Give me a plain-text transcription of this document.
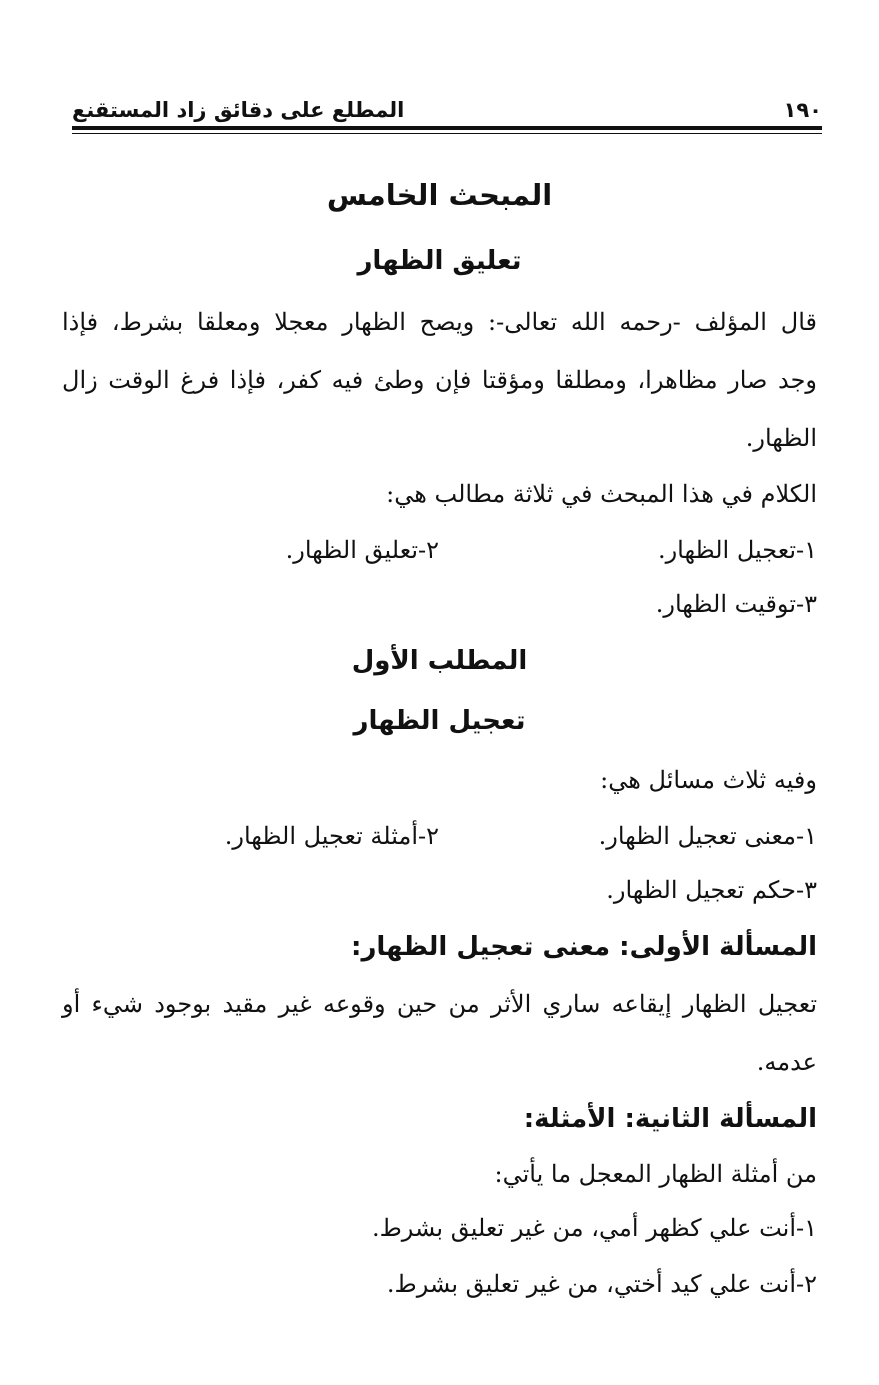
١٩٠
المطلع على دقائق زاد المستقنع
المبحث الخامس
تعليق الظهار
قال المؤلف -رحمه الله تعالى-: ويصح الظهار معجلا ومعلقا بشرط، فإذا
وجد صار مظاهرا، ومطلقا ومؤقتا فإن وطئ فيه كفر، فإذا فرغ الوقت زال
الظهار.
الكلام في هذا المبحث في ثلاثة مطالب هي:
١-تعجيل الظهار.
٢-تعليق الظهار.
٣-توقيت الظهار.
المطلب الأول
تعجيل الظهار
وفيه ثلاث مسائل هي:
١-معنى تعجيل الظهار.
٢-أمثلة تعجيل الظهار.
٣-حكم تعجيل الظهار.
المسألة الأولى: معنى تعجيل الظهار:
تعجيل الظهار إيقاعه ساري الأثر من حين وقوعه غير مقيد بوجود شيء أو
عدمه.
المسألة الثانية: الأمثلة:
من أمثلة الظهار المعجل ما يأتي:
١-أنت علي كظهر أمي، من غير تعليق بشرط.
٢-أنت علي كيد أختي، من غير تعليق بشرط.
